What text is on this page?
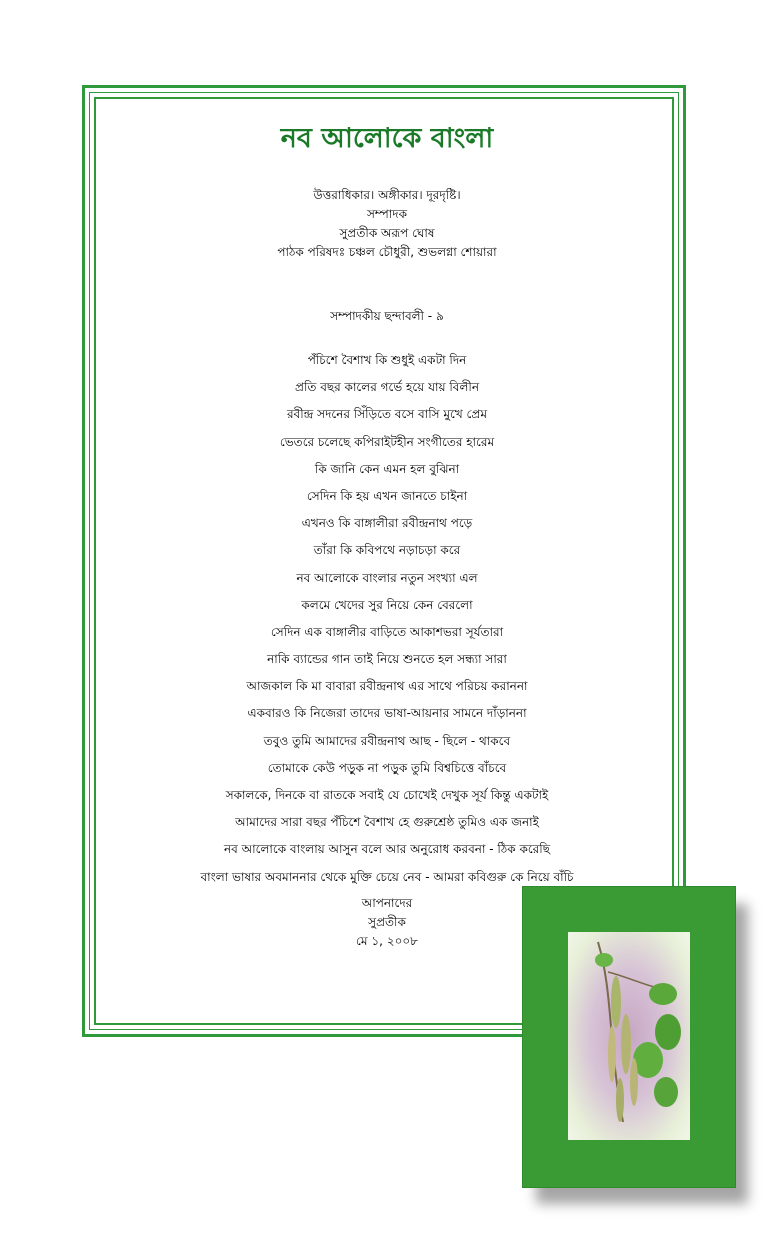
নব আলোকে বাংলা
উত্তরাধিকার। অঙ্গীকার। দূরদৃষ্টি।
সম্পাদক
সুপ্রতীক অরূপ ঘোষ
পাঠক পরিষদঃ চঞ্চল চৌধুরী, শুভলগ্না শোয়ারা
সম্পাদকীয় ছন্দাবলী - ৯
পঁচিশে বৈশাখ কি শুধুই একটা দিন
প্রতি বছর কালের গর্ভে হয়ে যায় বিলীন
রবীন্দ্র সদনের সিঁড়িতে বসে বাসি মুখে প্রেম
ভেতরে চলেছে কপিরাইটহীন সংগীতের হারেম
কি জানি কেন এমন হল বুঝিনা
সেদিন কি হয় এখন জানতে চাইনা
এখনও কি বাঙ্গালীরা রবীন্দ্রনাথ পড়ে
তাঁরা কি কবিপথে নড়াচড়া করে
নব আলোকে বাংলার নতুন সংখ্যা এল
কলমে খেদের সুর নিয়ে কেন বেরলো
সেদিন এক বাঙ্গালীর বাড়িতে আকাশভরা সূর্যতারা
নাকি ব্যান্ডের গান তাই নিয়ে শুনতে হল সন্ধ্যা সারা
আজকাল কি মা বাবারা রবীন্দ্রনাথ এর সাথে পরিচয় করাননা
একবারও কি নিজেরা তাদের ভাষা-আয়নার সামনে দাঁড়াননা
তবুও তুমি আমাদের রবীন্দ্রনাথ আছ - ছিলে - থাকবে
তোমাকে কেউ পড়ুক না পড়ুক তুমি বিশ্বচিত্তে বাঁচবে
সকালকে, দিনকে বা রাতকে সবাই যে চোখেই দেখুক সূর্য কিন্তু একটাই
আমাদের সারা বছর পঁচিশে বৈশাখ হে গুরুশ্রেষ্ঠ তুমিও এক জনাই
নব আলোকে বাংলায় আসুন বলে আর অনুরোধ করবনা - ঠিক করেছি
বাংলা ভাষার অবমাননার থেকে মুক্তি চেয়ে নেব - আমরা কবিগুরু কে নিয়ে বাঁচি
আপনাদের
সুপ্রতীক
মে ১, ২০০৮
